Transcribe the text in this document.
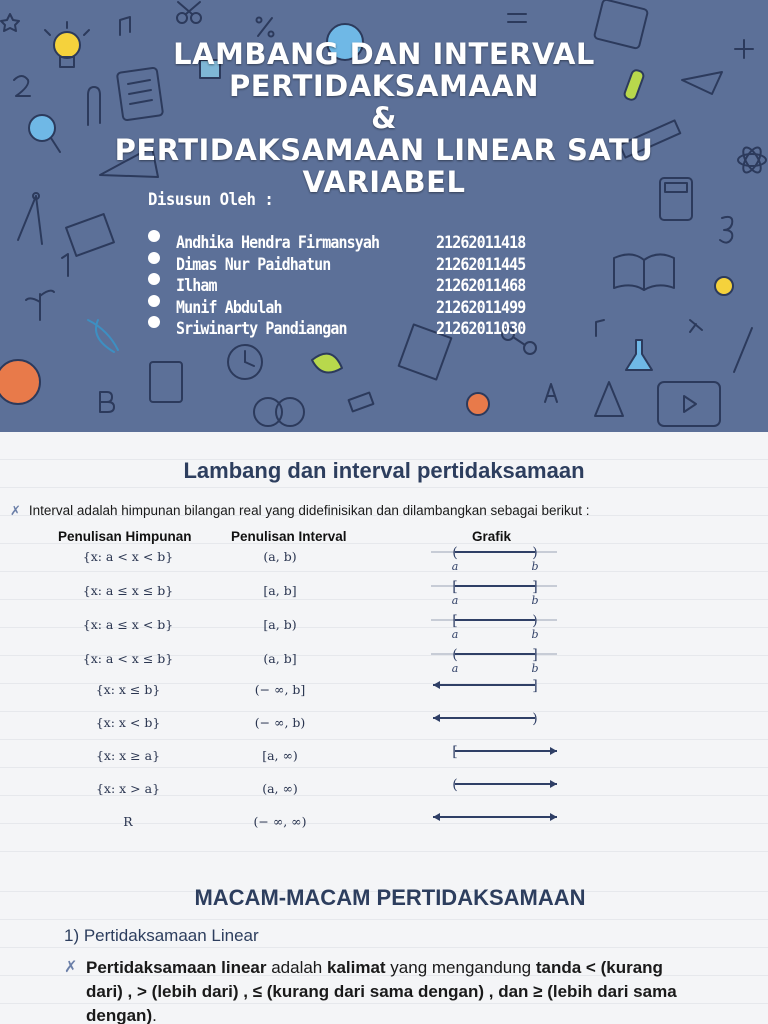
LAMBANG DAN INTERVAL
PERTIDAKSAMAAN
&
PERTIDAKSAMAAN LINEAR SATU
VARIABEL
Disusun Oleh :
Andhika Hendra Firmansyah	21262011418
Dimas Nur Paidhatun	21262011445
Ilham	21262011468
Munif Abdulah	21262011499
Sriwinarty Pandiangan	21262011030
Lambang dan interval pertidaksamaan
✗ Interval adalah himpunan bilangan real yang didefinisikan dan dilambangkan sebagai berikut :
Penulisan Himpunan	Penulisan Interval	Grafik
{x: a < x < b}	(a, b)	(	)
a	b
{x: a ≤ x ≤ b}	[a, b]	[	]
a	b
{x: a ≤ x < b}	[a, b)	[	)
a	b
{x: a < x ≤ b}	(a, b]	(	]
a	b
{x: x ≤ b}	(− ∞, b]	]
{x: x < b}	(− ∞, b)	)
{x: x ≥ a}	[a, ∞)	[
{x: x > a}	(a, ∞)	(
R	(− ∞, ∞)
MACAM-MACAM PERTIDAKSAMAAN
1) Pertidaksamaan Linear
✗ Pertidaksamaan linear adalah kalimat yang mengandung tanda < (kurang dari) , > (lebih dari) , ≤ (kurang dari sama dengan) , dan ≥ (lebih dari sama dengan).
